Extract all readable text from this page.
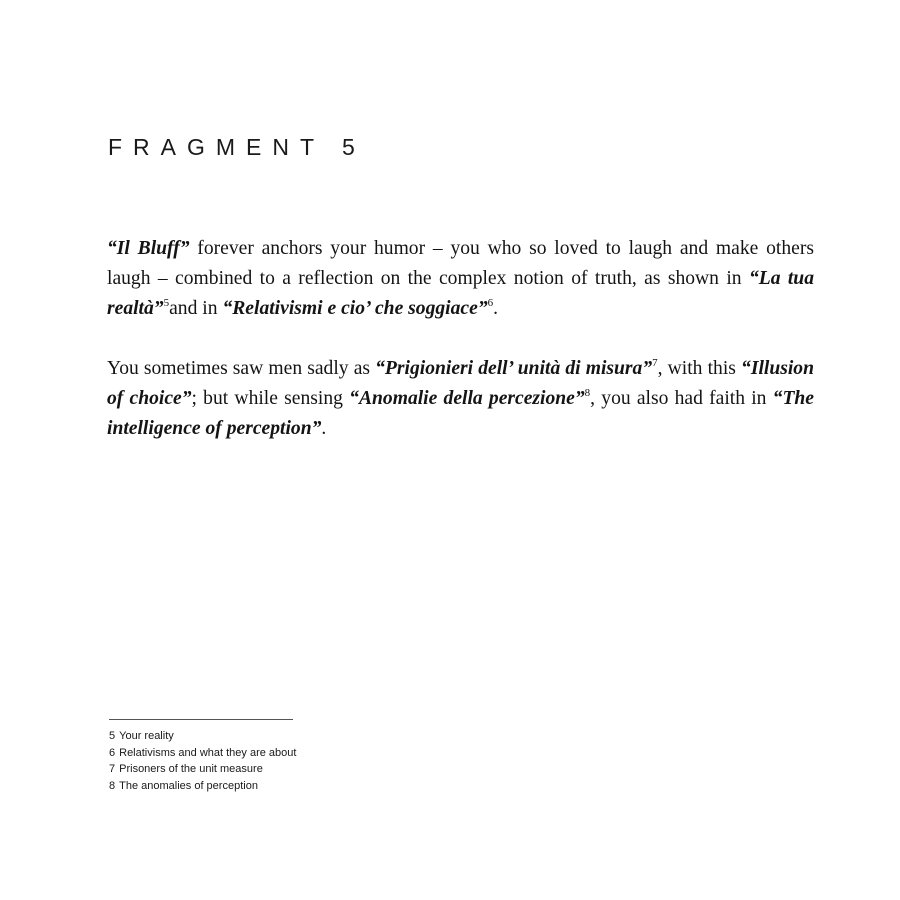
FRAGMENT 5

“Il Bluff” forever anchors your humor – you who so loved to laugh and make others laugh – combined to a reflection on the complex notion of truth, as shown in “La tua realtà”$^5$and in “Relativismi e cio’ che soggiace”$^6$.

You sometimes saw men sadly as “Prigionieri dell’ unità di misura”$^7$, with this “Illusion of choice”; but while sensing “Anomalie della percezione”$^8$, you also had faith in “The intelligence of perception”.

5 Your reality
6 Relativisms and what they are about
7 Prisoners of the unit measure
8 The anomalies of perception
